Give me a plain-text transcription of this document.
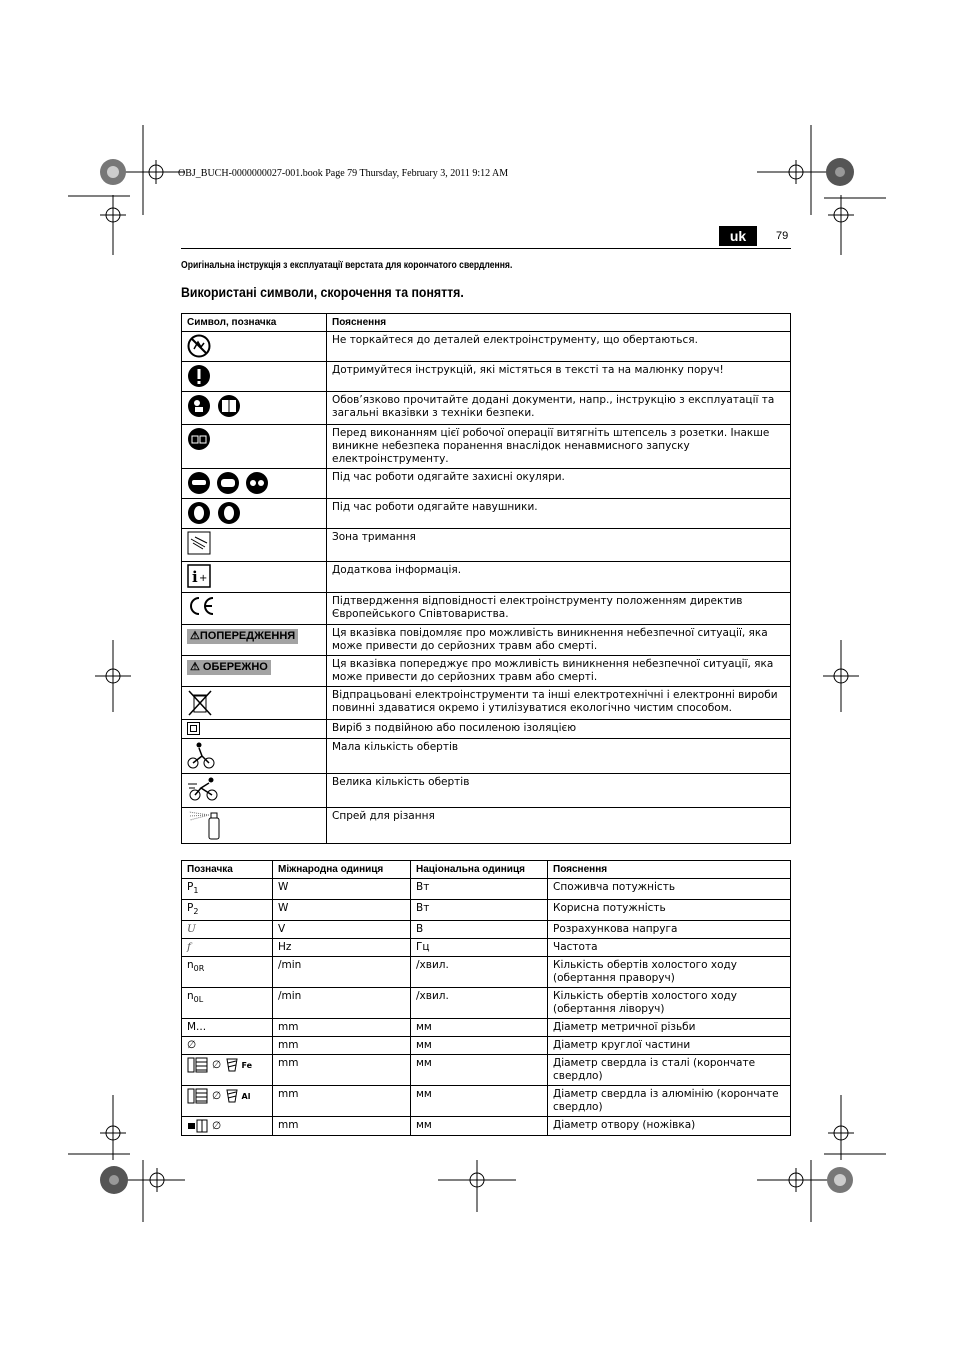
OBJ_BUCH-0000000027-001.book Page 79 Thursday, February 3, 2011 9:12 AM
uk	79
Оригінальна інструкція з експлуатації верстата для корончатого свердлення.
Використані символи, скорочення та поняття.
Символ, позначка	Пояснення
	Не торкайтеся до деталей електроінструменту, що обертаються.
	Дотримуйтеся інструкцій, які містяться в тексті та на малюнку поруч!
	Обов’язково прочитайте додані документи, напр., інструкцію з експлуатації та загальні вказівки з техніки безпеки.
	Перед виконанням цієї робочої операції витягніть штепсель з розетки. Інакше виникне небезпека поранення внаслідок ненавмисного запуску електроінструменту.
	Під час роботи одягайте захисні окуляри.
	Під час роботи одягайте навушники.
	Зона тримання

i +	Додаткова інформація.
	Підтвердження відповідності електроінструменту положенням директив Європейського Співтовариства.
⚠ПОПЕРЕДЖЕННЯ	Ця вказівка повідомляє про можливість виникнення небезпечної ситуації, яка може привести до серйозних травм або смерті.
⚠ ОБЕРЕЖНО	Ця вказівка попереджує про можливість виникнення небезпечної ситуації, яка може привести до серйозних травм або смерті.
	Відпрацьовані електроінструменти та інші електротехнічні і електронні вироби повинні здаватися окремо і утилізуватися екологічно чистим способом.
	Виріб з подвійною або посиленою ізоляцією
	Мала кількість обертів
	Велика кількість обертів
	Спрей для різання
Позначка	Міжнародна одиниця	Національна одиниця	Пояснення
$P_1$	W	Вт	Споживча потужність
$P_2$	W	Вт	Корисна потужність
U	V	В	Розрахункова напруга
f	Hz	Гц	Частота
$n_{0R}$	/min	/хвил.	Кількість обертів холостого ходу (обертання праворуч)
$n_{0L}$	/min	/хвил.	Кількість обертів холостого ходу (обертання ліворуч)
M...	mm	мм	Діаметр метричної різьби
∅	mm	мм	Діаметр круглої частини
∅ Fe	mm	мм	Діаметр свердла із сталі (корончате свердло)
∅ Al	mm	мм	Діаметр свердла із алюмінію (корончате свердло)
∅	mm	мм	Діаметр отвору (ножівка)
